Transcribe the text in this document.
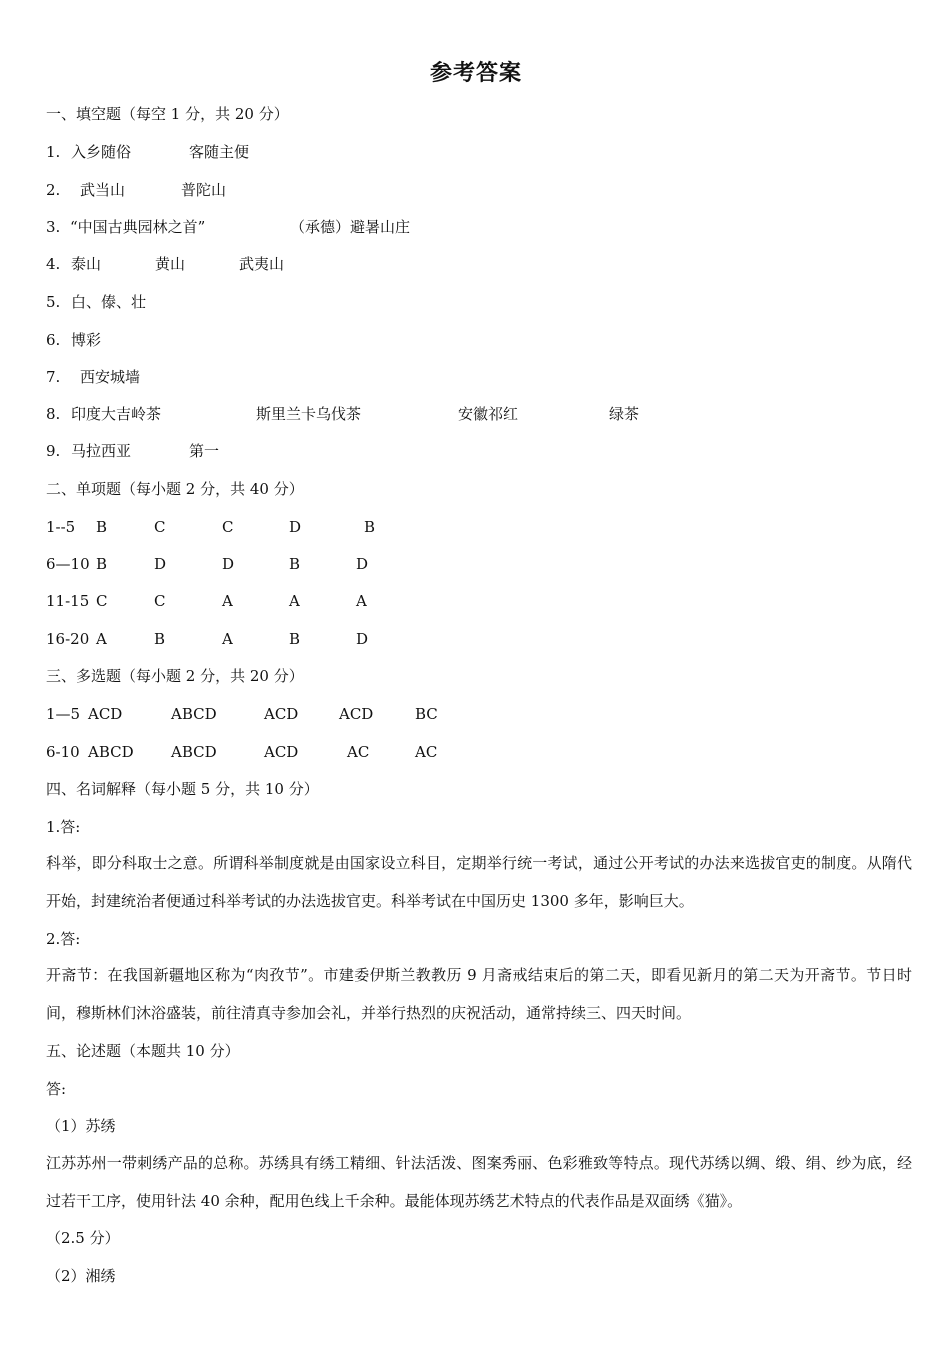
参考答案
一、填空题（每空 1 分，共 20 分）
1. 入乡随俗	客随主便
2. 武当山	普陀山
3. “中国古典园林之首”	（承德）避暑山庄
4. 泰山	黄山	武夷山
5. 白、傣、壮
6. 博彩
7. 西安城墙
8. 印度大吉岭茶	斯里兰卡乌伐茶	安徽祁红	绿茶
9. 马拉西亚	第一
二、单项题（每小题 2 分，共 40 分）
1--5 B	C	C	D	B
6—10 B	D	D	B	D
11-15 C	C	A	A	A
16-20 A	B	A	B	D
三、多选题（每小题 2 分，共 20 分）
1—5 ACD	ABCD	ACD	ACD	BC
6-10 ABCD ABCD	ACD	AC	AC
四、名词解释（每小题 5 分，共 10 分）
1.答:
科举，即分科取士之意。所谓科举制度就是由国家设立科目，定期举行统一考试，通过公开考试的办法来选拔官吏的制度。从隋代开始，封建统治者便通过科举考试的办法选拔官吏。科举考试在中国历史 1300 多年，影响巨大。
2.答:
开斋节：在我国新疆地区称为“肉孜节”。市建委伊斯兰教教历 9 月斋戒结束后的第二天，即看见新月的第二天为开斋节。节日时间，穆斯林们沐浴盛装，前往清真寺参加会礼，并举行热烈的庆祝活动，通常持续三、四天时间。
五、论述题（本题共 10 分）
答:
（1）苏绣
江苏苏州一带刺绣产品的总称。苏绣具有绣工精细、针法活泼、图案秀丽、色彩雅致等特点。现代苏绣以绸、缎、绢、纱为底，经过若干工序，使用针法 40 余种，配用色线上千余种。最能体现苏绣艺术特点的代表作品是双面绣《猫》。
（2.5 分）
（2）湘绣
